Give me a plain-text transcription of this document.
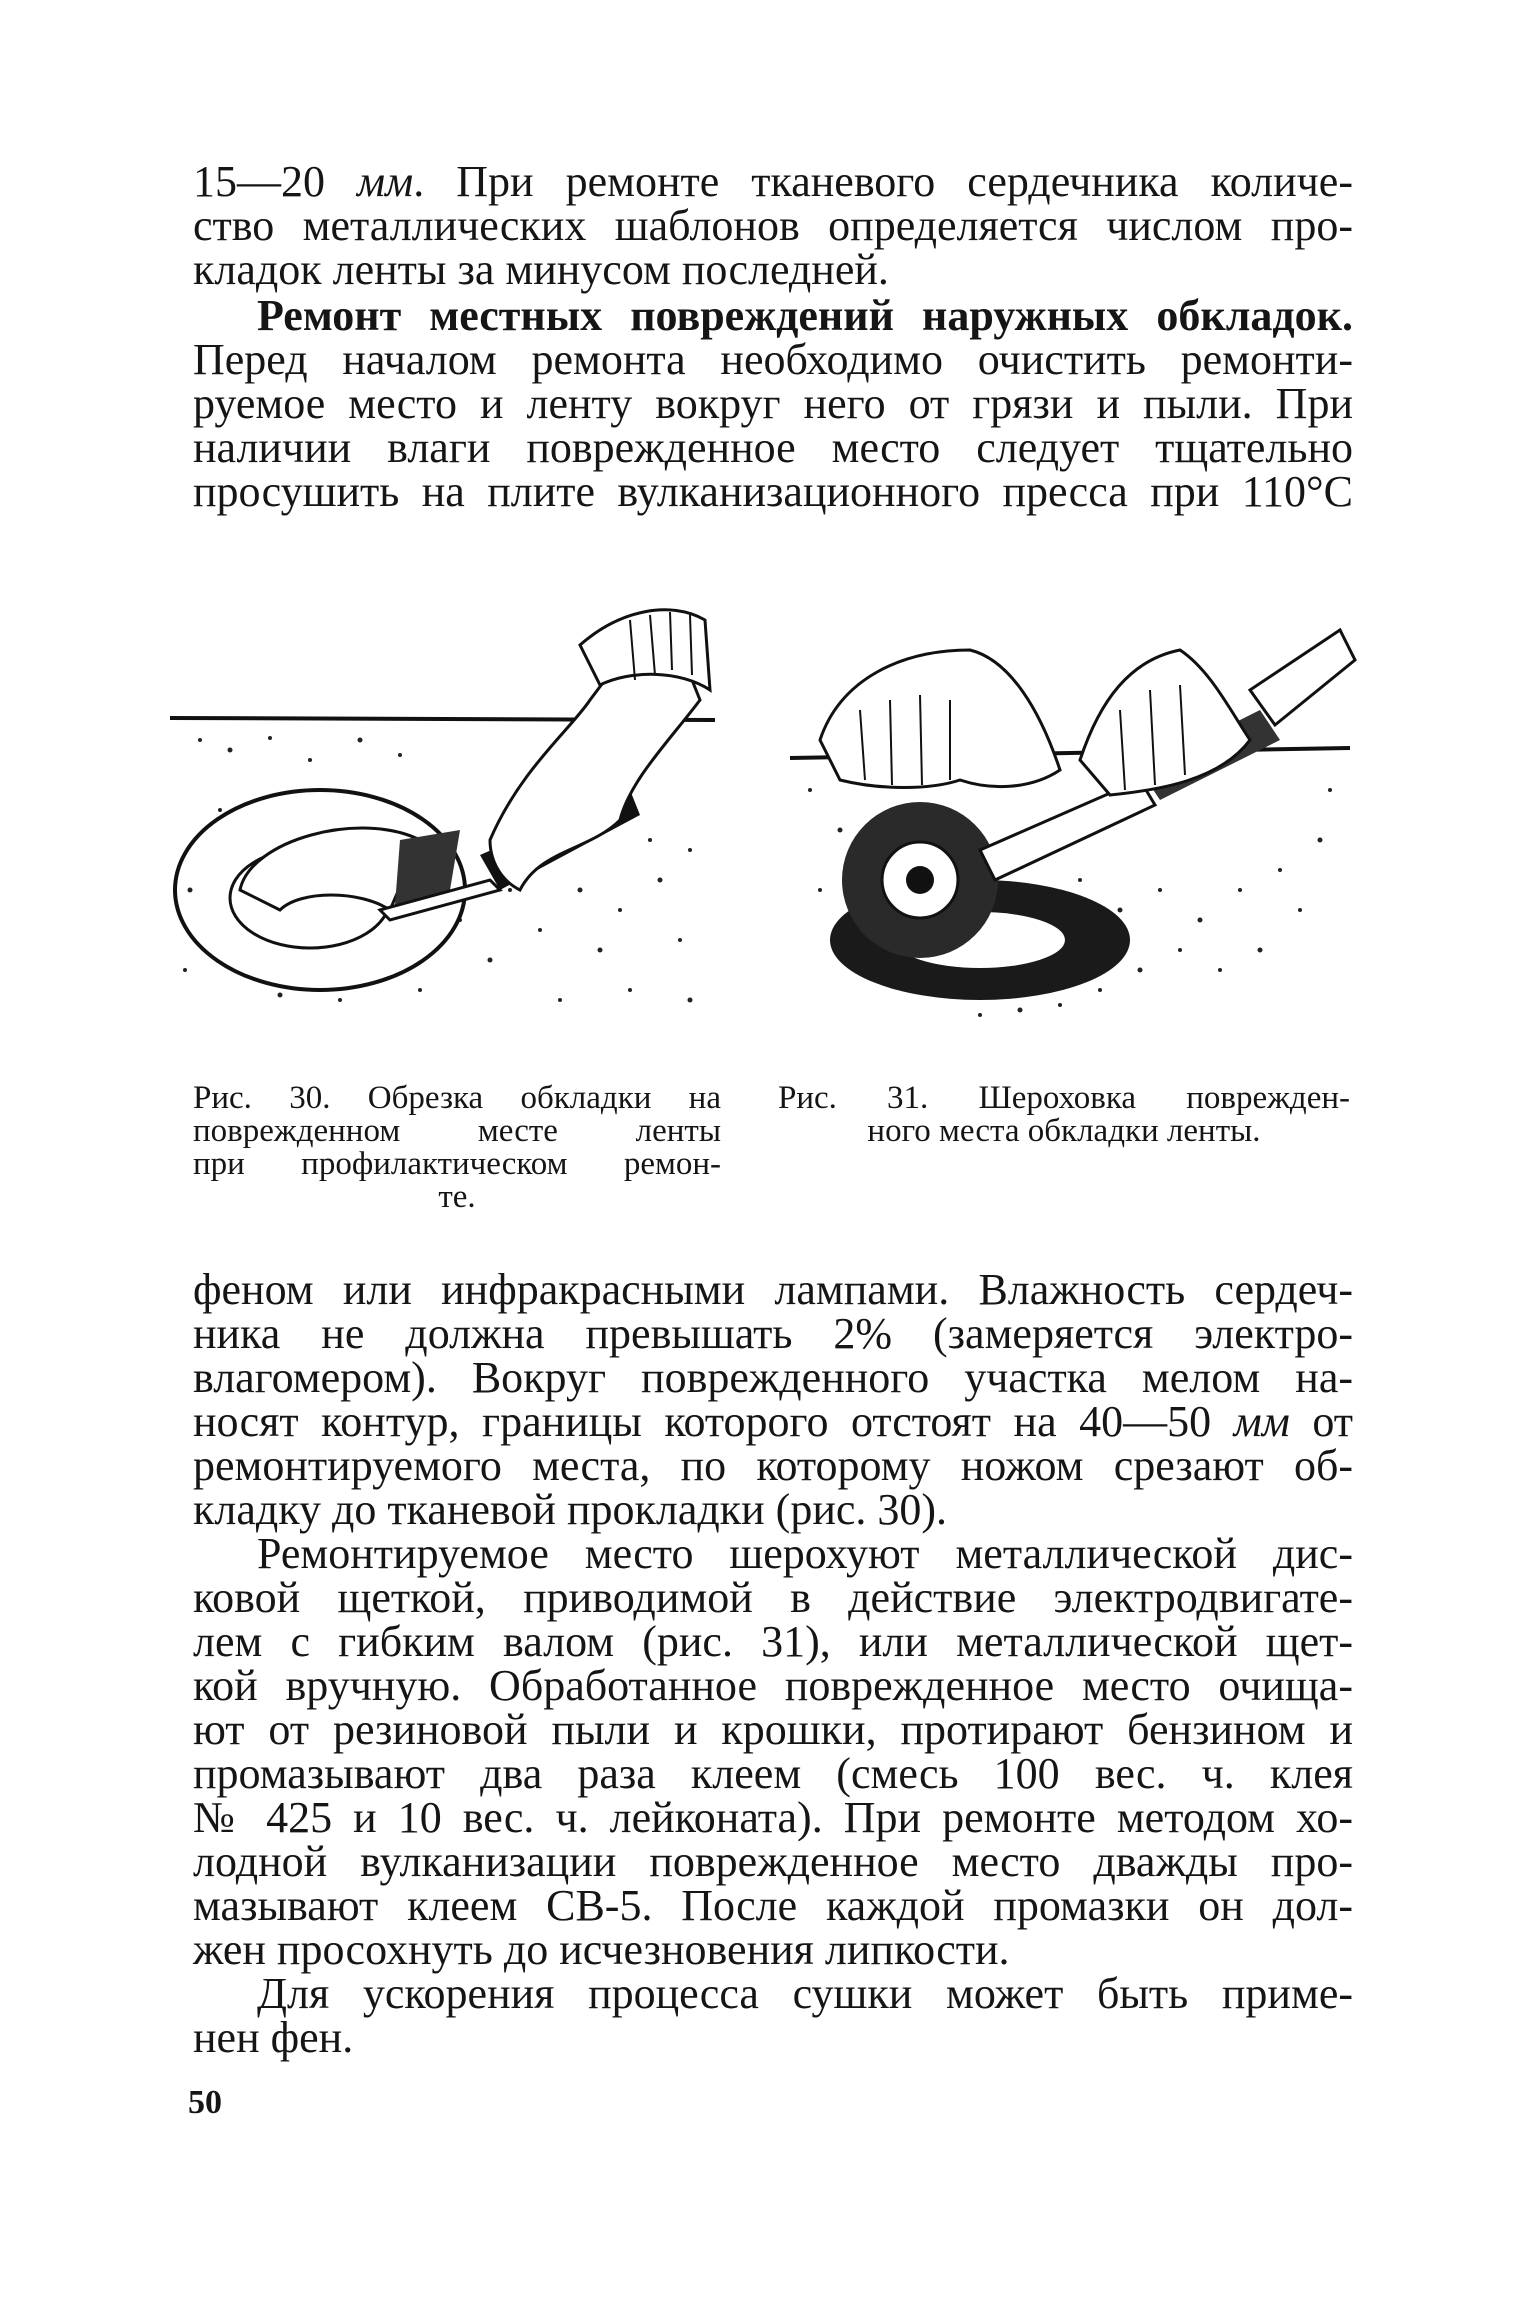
15—20 мм. При ремонте тканевого сердечника количе-
ство металлических шаблонов определяется числом про-
кладок ленты за минусом последней.
Ремонт местных повреждений наружных обкладок.
Перед началом ремонта необходимо очистить ремонти-
руемое место и ленту вокруг него от грязи и пыли. При
наличии влаги поврежденное место следует тщательно
просушить на плите вулканизационного пресса при 110°С
Рис. 30. Обрезка обкладки на
поврежденном месте ленты
при профилактическом ремон-
те.
Рис. 31. Шероховка поврежден-
ного места обкладки ленты.
феном или инфракрасными лампами. Влажность сердеч-
ника не должна превышать 2% (замеряется электро-
влагомером). Вокруг поврежденного участка мелом на-
носят контур, границы которого отстоят на 40—50 мм от
ремонтируемого места, по которому ножом срезают об-
кладку до тканевой прокладки (рис. 30).
Ремонтируемое место шерохуют металлической дис-
ковой щеткой, приводимой в действие электродвигате-
лем с гибким валом (рис. 31), или металлической щет-
кой вручную. Обработанное поврежденное место очища-
ют от резиновой пыли и крошки, протирают бензином и
промазывают два раза клеем (смесь 100 вес. ч. клея
№ 425 и 10 вес. ч. лейконата). При ремонте методом хо-
лодной вулканизации поврежденное место дважды про-
мазывают клеем СВ-5. После каждой промазки он дол-
жен просохнуть до исчезновения липкости.
Для ускорения процесса сушки может быть приме-
нен фен.
50
